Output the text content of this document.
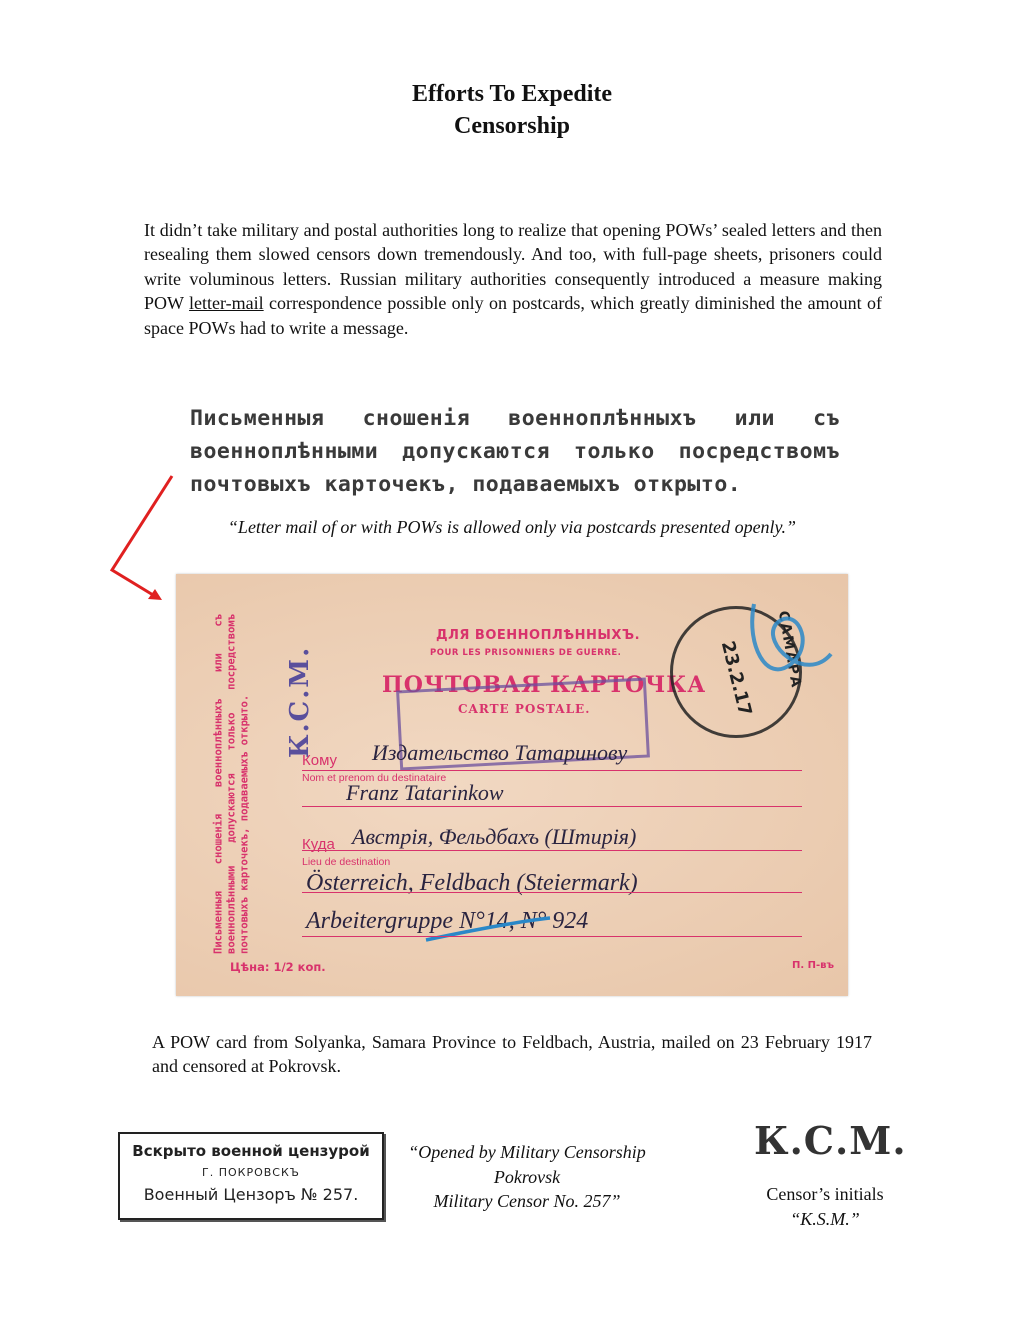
Efforts To Expedite
Censorship

It didn’t take military and postal authorities long to realize that opening POWs’ sealed letters and then resealing them slowed censors down tremendously. And too, with full-page sheets, prisoners could write voluminous letters. Russian military authorities consequently introduced a measure making POW letter-mail correspondence possible only on postcards, which greatly diminished the amount of space POWs had to write a message.

Письменныя сношенія военноплѣнныхъ или съ военноплѣнными допускаются только посредствомъ почтовыхъ карточекъ, подаваемыхъ открыто.

“Letter mail of or with POWs is allowed only via postcards presented openly.”
Письменныя сношенія военноплѣнныхъ или съ военноплѣнными допускаются только посредствомъ почтовыхъ карточекъ, подаваемыхъ открыто. К.С.М.
ДЛЯ ВОЕННОПЛѢННЫХЪ.
POUR LES PRISONNIERS DE GUERRE.
ПОЧТОВАЯ КАРТОЧКА
CARTE POSTALE.	23.2.17 САМАРА
Кому
Nom et prenom du destinataire
Издательство Татаринову
Franz Tatarinkow
Куда
Lieu de destination
Австрія, Фельдбахъ (Штирія)
Österreich, Feldbach (Steiermark)
Arbeitergruppe N°14, N° 924
Цѣна: 1/2 коп.	П. П-въ

A POW card from Solyanka, Samara Province to Feldbach, Austria, mailed on 23 February 1917 and censored at Pokrovsk.

Вскрыто военной цензурой
Г. ПОКРОВСКЪ
Военный Цензоръ № 257.
“Opened by Military Censorship
Pokrovsk
Military Censor No. 257”
К.С.М.
Censor’s initials
“K.S.M.”
